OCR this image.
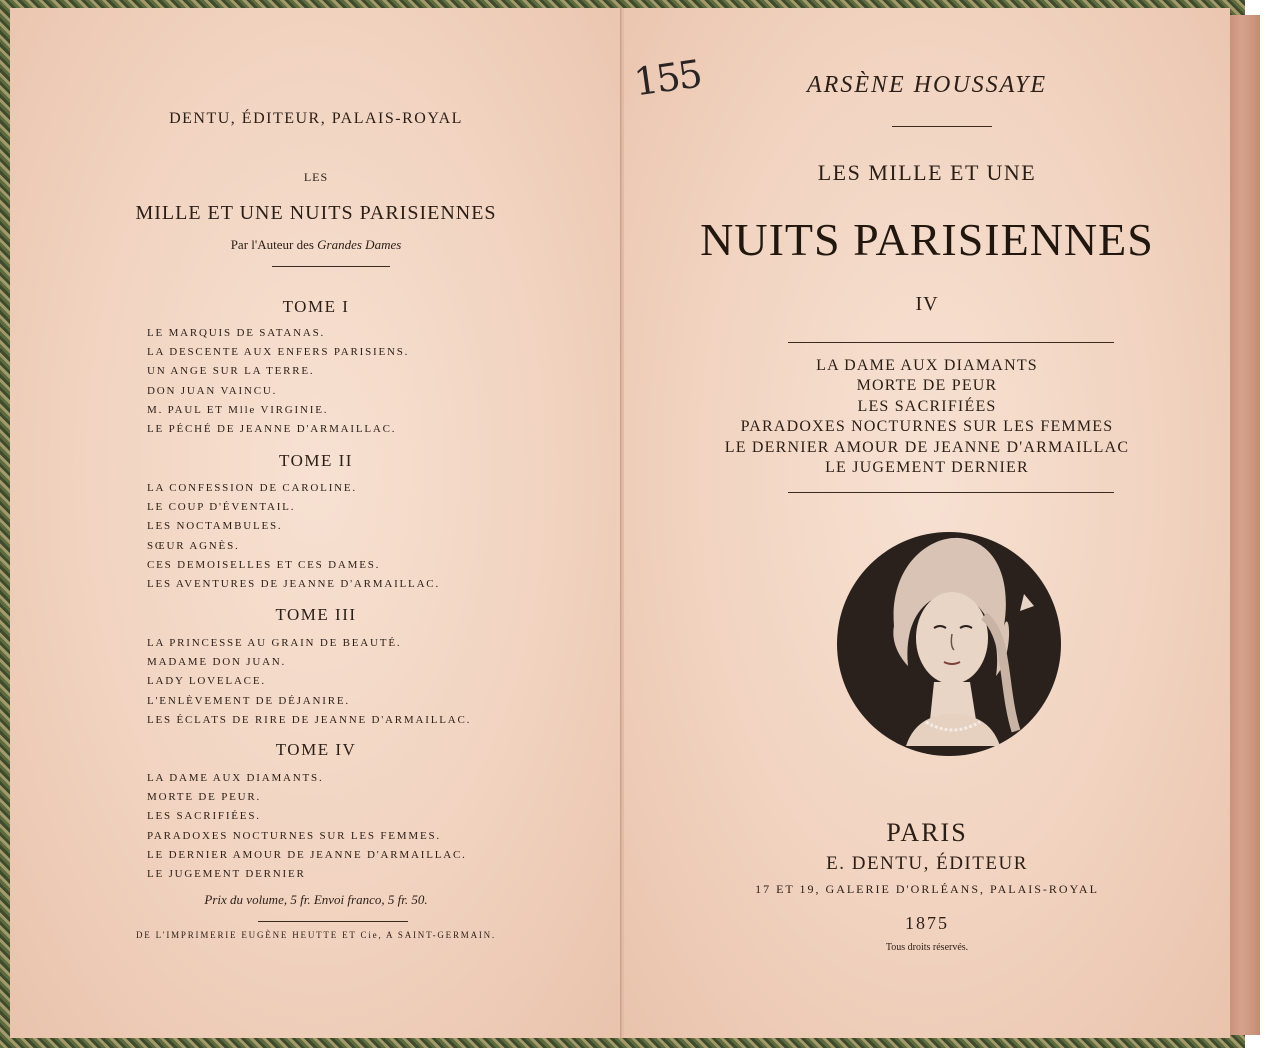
DENTU, ÉDITEUR, PALAIS-ROYAL
LES
MILLE ET UNE NUITS PARISIENNES
Par l'Auteur des Grandes Dames
TOME I
LE MARQUIS DE SATANAS.
LA DESCENTE AUX ENFERS PARISIENS.
UN ANGE SUR LA TERRE.
DON JUAN VAINCU.
M. PAUL ET Mlle VIRGINIE.
LE PÉCHÉ DE JEANNE D'ARMAILLAC.
TOME II
LA CONFESSION DE CAROLINE.
LE COUP D'ÉVENTAIL.
LES NOCTAMBULES.
SŒUR AGNÈS.
CES DEMOISELLES ET CES DAMES.
LES AVENTURES DE JEANNE D'ARMAILLAC.
TOME III
LA PRINCESSE AU GRAIN DE BEAUTÉ.
MADAME DON JUAN.
LADY LOVELACE.
L'ENLÈVEMENT DE DÉJANIRE.
LES ÉCLATS DE RIRE DE JEANNE D'ARMAILLAC.
TOME IV
LA DAME AUX DIAMANTS.
MORTE DE PEUR.
LES SACRIFIÉES.
PARADOXES NOCTURNES SUR LES FEMMES.
LE DERNIER AMOUR DE JEANNE D'ARMAILLAC.
LE JUGEMENT DERNIER
Prix du volume, 5 fr. Envoi franco, 5 fr. 50.
DE L'IMPRIMERIE EUGÈNE HEUTTE ET Cie, A SAINT-GERMAIN.
155	ARSÈNE HOUSSAYE
LES MILLE ET UNE
NUITS PARISIENNES
IV
LA DAME AUX DIAMANTS
MORTE DE PEUR
LES SACRIFIÉES
PARADOXES NOCTURNES SUR LES FEMMES
LE DERNIER AMOUR DE JEANNE D'ARMAILLAC
LE JUGEMENT DERNIER
PARIS
E. DENTU, ÉDITEUR
17 ET 19, GALERIE D'ORLÉANS, PALAIS-ROYAL
1875
Tous droits réservés.
